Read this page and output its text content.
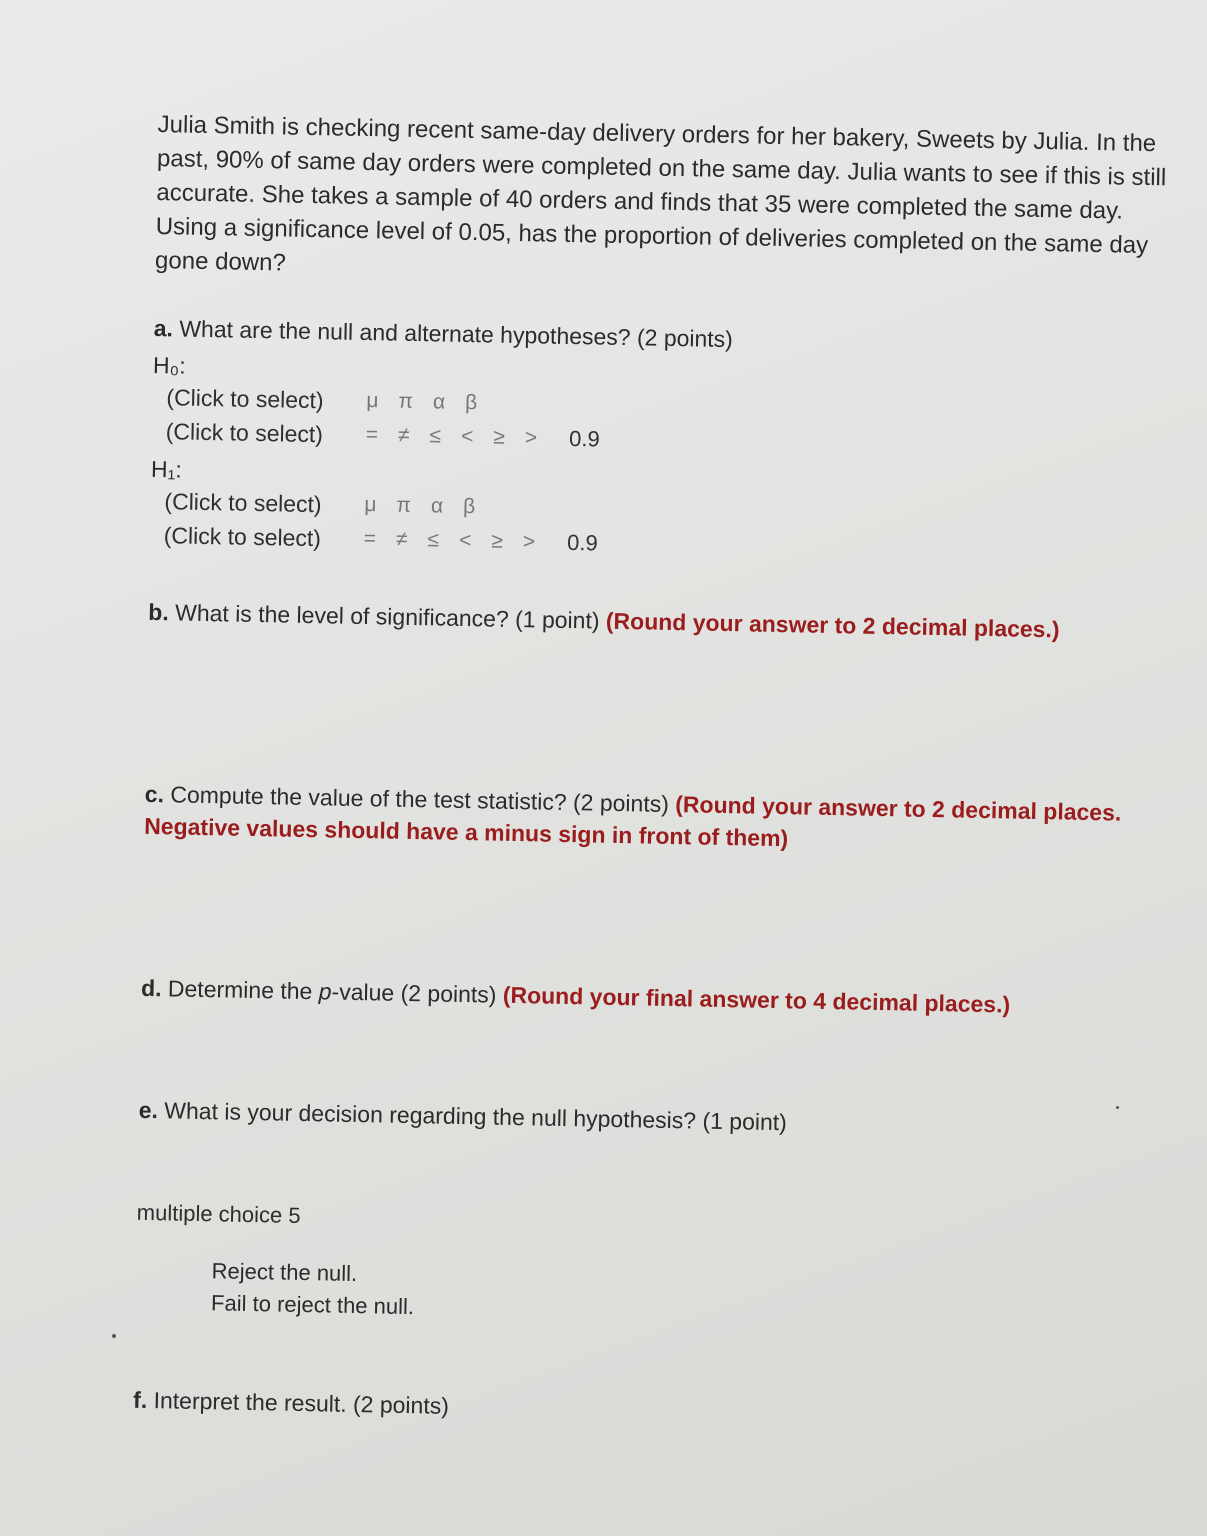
Julia Smith is checking recent same-day delivery orders for her bakery, Sweets by Julia. In the past, 90% of same day orders were completed on the same day. Julia wants to see if this is still accurate. She takes a sample of 40 orders and finds that 35 were completed the same day. Using a significance level of 0.05, has the proportion of deliveries completed on the same day gone down?

a. What are the null and alternate hypotheses? (2 points)

H₀:

(Click to select)	μ π α β
(Click to select)	= ≠ ≤ < ≥ > 0.9

H₁:

(Click to select)	μ π α β
(Click to select)	= ≠ ≤ < ≥ > 0.9

b. What is the level of significance? (1 point) (Round your answer to 2 decimal places.)

c. Compute the value of the test statistic? (2 points) (Round your answer to 2 decimal places. Negative values should have a minus sign in front of them)

d. Determine the p-value (2 points) (Round your final answer to 4 decimal places.)

e. What is your decision regarding the null hypothesis? (1 point)

multiple choice 5
Reject the null.
Fail to reject the null.

f. Interpret the result. (2 points)
